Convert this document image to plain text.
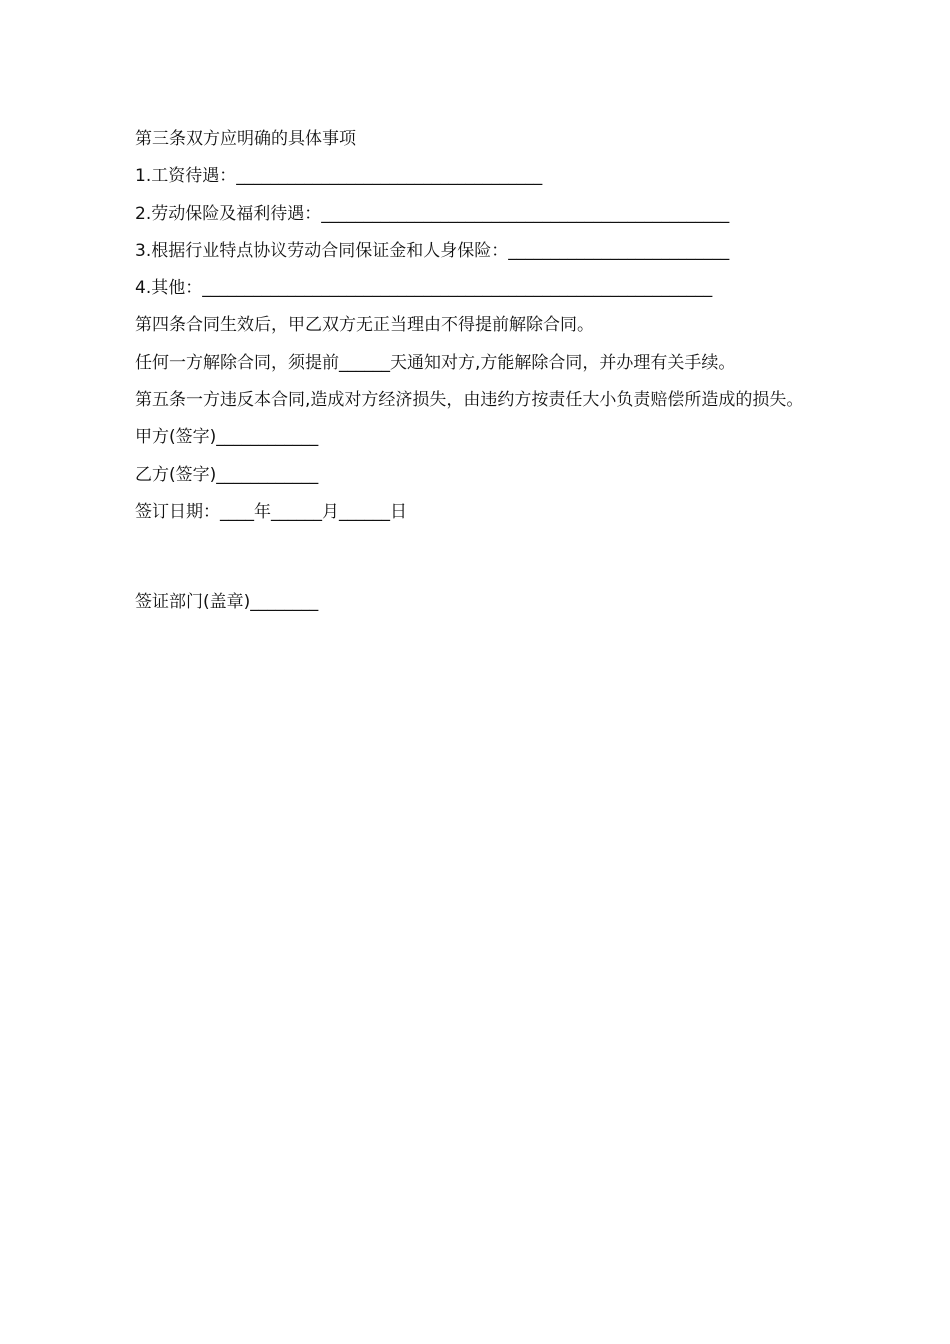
第三条双方应明确的具体事项

1.工资待遇：____________________________________

2.劳动保险及福利待遇：________________________________________________

3.根据行业特点协议劳动合同保证金和人身保险：__________________________

4.其他：____________________________________________________________

第四条合同生效后，甲乙双方无正当理由不得提前解除合同。

任何一方解除合同，须提前______天通知对方,方能解除合同，并办理有关手续。

第五条一方违反本合同,造成对方经济损失，由违约方按责任大小负责赔偿所造成的损失。

甲方(签字)____________

乙方(签字)____________

签订日期：____年______月______日

签证部门(盖章)________
